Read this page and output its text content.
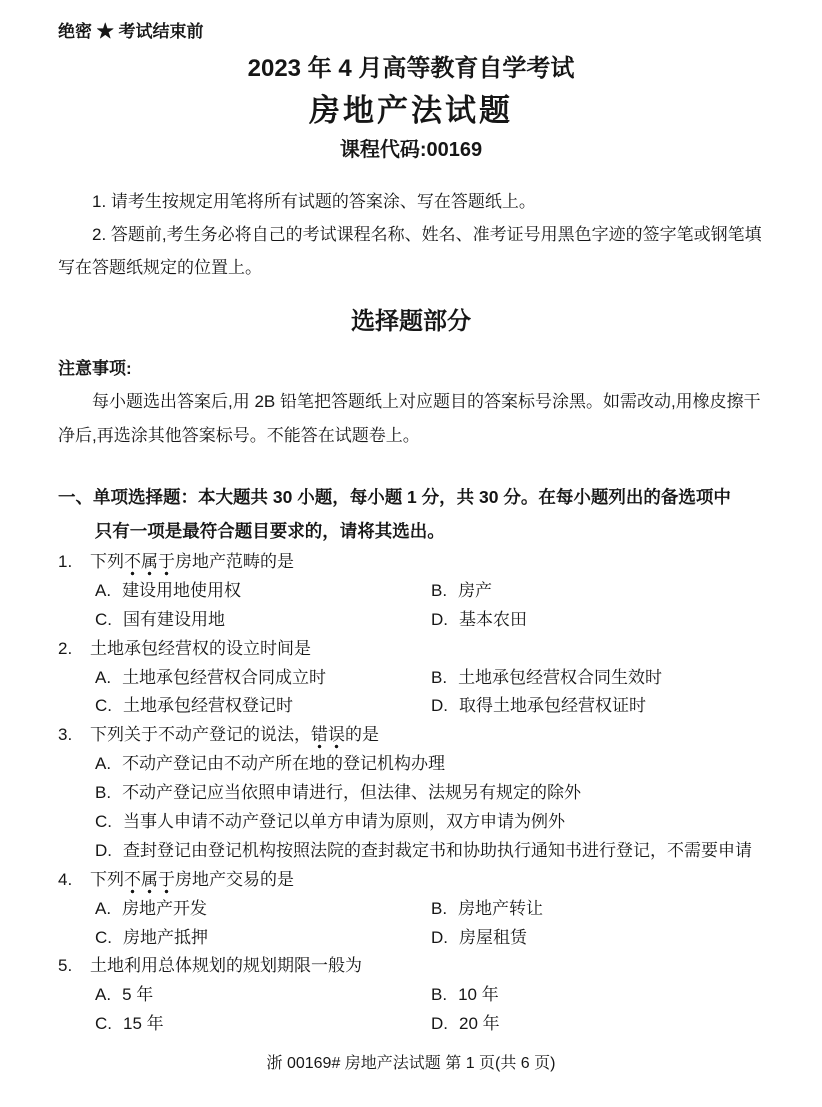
绝密 ★ 考试结束前
2023 年 4 月高等教育自学考试
房地产法试题
课程代码:00169

1. 请考生按规定用笔将所有试题的答案涂、写在答题纸上。

2. 答题前,考生务必将自己的考试课程名称、姓名、准考证号用黑色字迹的签字笔或钢笔填写在答题纸规定的位置上。

选择题部分
注意事项:

每小题选出答案后,用 2B 铅笔把答题纸上对应题目的答案标号涂黑。如需改动,用橡皮擦干净后,再选涂其他答案标号。不能答在试题卷上。

一、单项选择题：本大题共 30 小题，每小题 1 分，共 30 分。在每小题列出的备选项中
只有一项是最符合题目要求的，请将其选出。
1.	下列不属于房地产范畴的是
A. 建设用地使用权	B. 房产
C. 国有建设用地	D. 基本农田
2.	土地承包经营权的设立时间是
A. 土地承包经营权合同成立时	B. 土地承包经营权合同生效时
C. 土地承包经营权登记时	D. 取得土地承包经营权证时
3.	下列关于不动产登记的说法，错误的是
A. 不动产登记由不动产所在地的登记机构办理
B. 不动产登记应当依照申请进行，但法律、法规另有规定的除外
C. 当事人申请不动产登记以单方申请为原则，双方申请为例外
D. 查封登记由登记机构按照法院的查封裁定书和协助执行通知书进行登记，不需要申请
4.	下列不属于房地产交易的是
A. 房地产开发	B. 房地产转让
C. 房地产抵押	D. 房屋租赁
5.	土地利用总体规划的规划期限一般为
A. 5 年	B. 10 年
C. 15 年	D. 20 年
浙 00169# 房地产法试题 第 1 页(共 6 页)
